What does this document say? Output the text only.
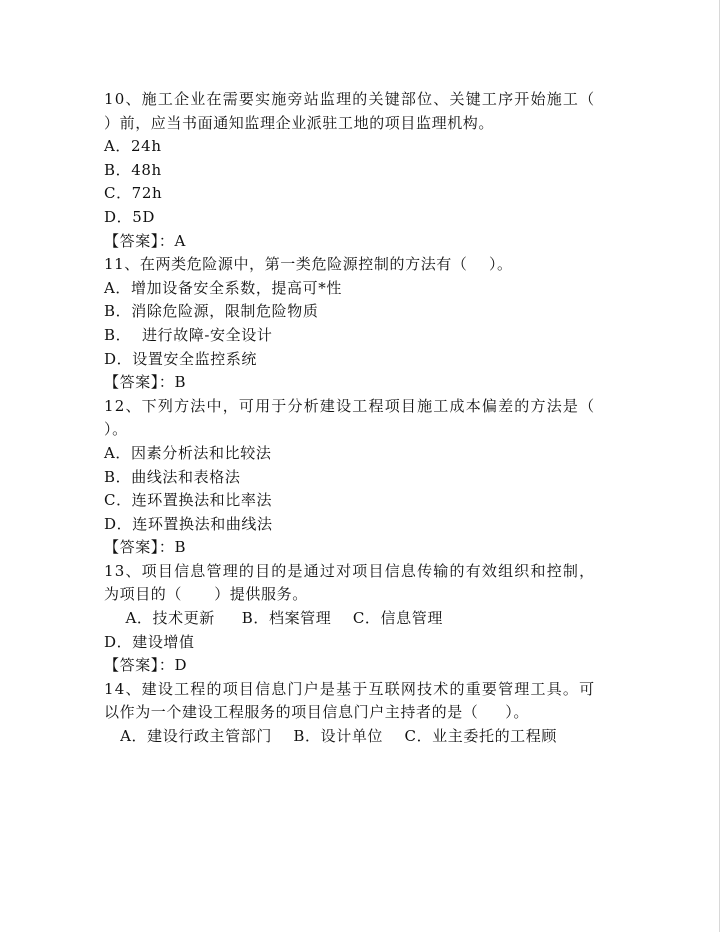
10、施工企业在需要实施旁站监理的关键部位、关键工序开始施工（
）前，应当书面通知监理企业派驻工地的项目监理机构。
A．24h
B．48h
C．72h
D．5D
【答案】：A
11、在两类危险源中，第一类危险源控制的方法有（    ）。
A．增加设备安全系数，提高可*性
B．消除危险源，限制危险物质
B．  进行故障-安全设计
D．设置安全监控系统
【答案】：B
12、下列方法中，可用于分析建设工程项目施工成本偏差的方法是（
）。
A．因素分析法和比较法
B．曲线法和表格法
C．连环置换法和比率法
D．连环置换法和曲线法
【答案】：B
13、项目信息管理的目的是通过对项目信息传输的有效组织和控制，
为项目的（      ）提供服务。
A．技术更新     B．档案管理    C．信息管理
D．建设增值
【答案】：D
14、建设工程的项目信息门户是基于互联网技术的重要管理工具。可
以作为一个建设工程服务的项目信息门户主持者的是（     ）。
A．建设行政主管部门    B．设计单位    C．业主委托的工程顾
